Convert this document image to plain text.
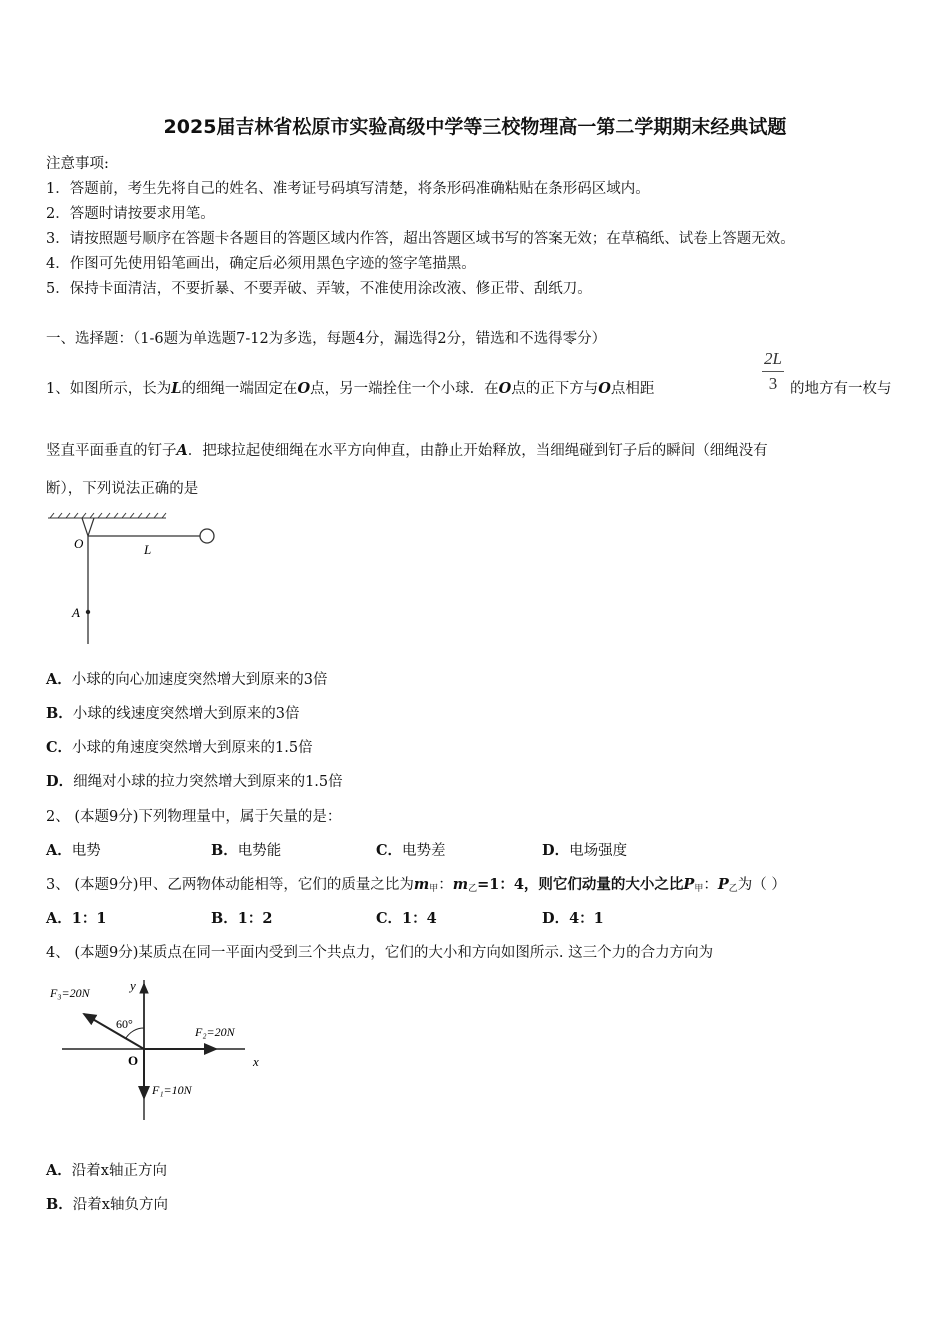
2025届吉林省松原市实验高级中学等三校物理高一第二学期期末经典试题
注意事项:
1．答题前，考生先将自己的姓名、准考证号码填写清楚，将条形码准确粘贴在条形码区域内。
2．答题时请按要求用笔。
3．请按照题号顺序在答题卡各题目的答题区域内作答，超出答题区域书写的答案无效；在草稿纸、试卷上答题无效。
4．作图可先使用铅笔画出，确定后必须用黑色字迹的签字笔描黑。
5．保持卡面清洁，不要折暴、不要弄破、弄皱，不准使用涂改液、修正带、刮纸刀。
一、选择题：（1-6题为单选题7-12为多选，每题4分，漏选得2分，错选和不选得零分）
1、如图所示，长为L的细绳一端固定在O点，另一端拴住一个小球．在O点的正下方与O点相距
2L
3 的地方有一枚与
竖直平面垂直的钉子A．把球拉起使细绳在水平方向伸直，由静止开始释放，当细绳碰到钉子后的瞬间（细绳没有
断），下列说法正确的是
O	L
A
A．小球的向心加速度突然增大到原来的3倍
B．小球的线速度突然增大到原来的3倍
C．小球的角速度突然增大到原来的1.5倍
D．细绳对小球的拉力突然增大到原来的1.5倍
2、 (本题9分)下列物理量中，属于矢量的是：
A．电势	B．电势能	C．电势差	D．电场强度
3、 (本题9分)甲、乙两物体动能相等，它们的质量之比为$m_甲$：$m_乙=1$：4，则它们动量的大小之比$P_甲$：$P_乙$为（ ）
A．1：1	B．1：2	C．1：4	D．4：1
4、 (本题9分)某质点在同一平面内受到三个共点力，它们的大小和方向如图所示. 这三个力的合力方向为
F₃=20N
60°
F₂=20N
O
F₁=10N
x
y
A．沿着x轴正方向
B．沿着x轴负方向
